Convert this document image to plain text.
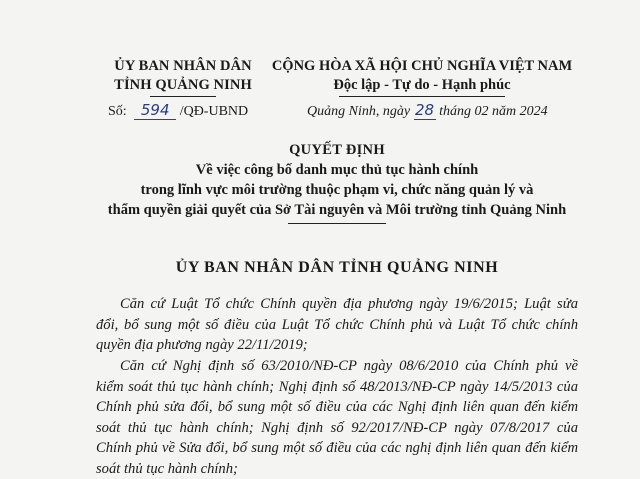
ỦY BAN NHÂN DÂN
TỈNH QUẢNG NINH
Số: 594 /QĐ-UBND
CỘNG HÒA XÃ HỘI CHỦ NGHĨA VIỆT NAM
Độc lập - Tự do - Hạnh phúc
Quảng Ninh, ngày 28 tháng 02 năm 2024
QUYẾT ĐỊNH
Về việc công bố danh mục thủ tục hành chính
trong lĩnh vực môi trường thuộc phạm vi, chức năng quản lý và
thẩm quyền giải quyết của Sở Tài nguyên và Môi trường tỉnh Quảng Ninh
ỦY BAN NHÂN DÂN TỈNH QUẢNG NINH
Căn cứ Luật Tổ chức Chính quyền địa phương ngày 19/6/2015; Luật sửa
đổi, bổ sung một số điều của Luật Tổ chức Chính phủ và Luật Tổ chức chính
quyền địa phương ngày 22/11/2019;
Căn cứ Nghị định số 63/2010/NĐ-CP ngày 08/6/2010 của Chính phủ về
kiểm soát thủ tục hành chính; Nghị định số 48/2013/NĐ-CP ngày 14/5/2013 của
Chính phủ sửa đổi, bổ sung một số điều của các Nghị định liên quan đến kiểm
soát thủ tục hành chính; Nghị định số 92/2017/NĐ-CP ngày 07/8/2017 của
Chính phủ về Sửa đổi, bổ sung một số điều của các nghị định liên quan đến kiểm
soát thủ tục hành chính;
